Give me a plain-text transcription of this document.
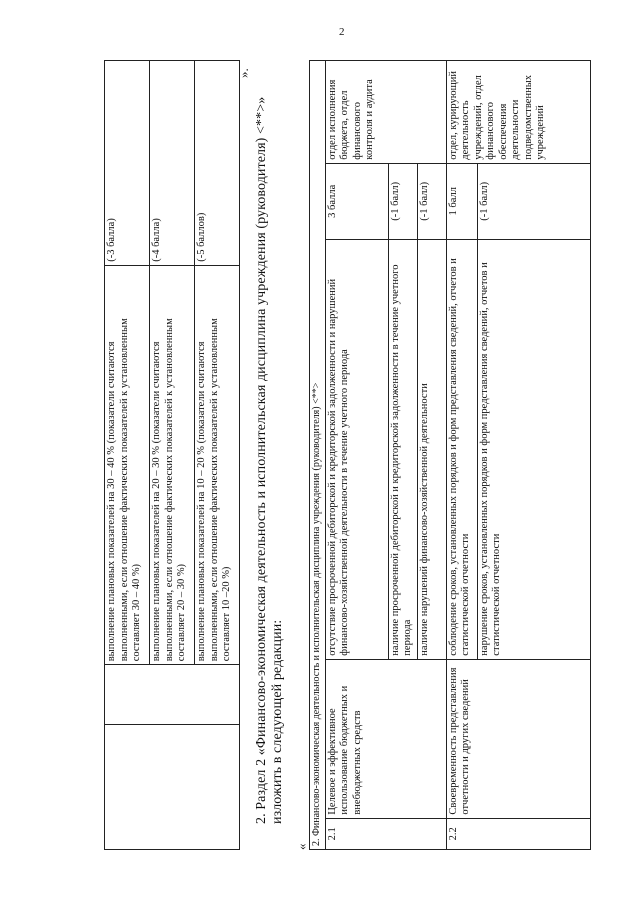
2
		выполнение плановых показателей на 30 – 40 % (показатели считаются выполненными, если отношение фактических показателей к установленным составляет 30 – 40 %)	(-3 балла)
		выполнение плановых показателей на 20 – 30 % (показатели считаются выполненными, если отношение фактических показателей к установленным составляет 20 – 30 %)	(-4 балла)
		выполнение плановых показателей на 10 – 20 % (показатели считаются выполненными, если отношение фактических показателей к установленным составляет 10 –20 %)	(-5 баллов)
».
2. Раздел 2 «Финансово-экономическая деятельность и исполнительская дисциплина учреждения (руководителя) <**>» изложить в следующей редакции:
«
2. Финансово-экономическая деятельность и исполнительская дисциплина учреждения (руководителя) <**>				
2.1	Целевое и эффективное использование бюджетных и внебюджетных средств	отсутствие просроченной дебиторской и кредиторской задолженности и нарушений финансово-хозяйственной деятельности в течение учетного периода	3 балла	отдел исполнения бюджета, отдел финансового контроля и аудита
		наличие просроченной дебиторской и кредиторской задолженности в течение учетного периода	(-1 балл)	
		наличие нарушений финансово-хозяйственной деятельности	(-1 балл)	
2.2	Своевременность представления отчетности и других сведений	соблюдение сроков, установленных порядков и форм представления сведений, отчетов и статистической отчетности	1 балл	отдел, курирующий деятельность учреждений, отдел финансового обеспечения деятельности подведомственных учреждений
		нарушение сроков, установленных порядков и форм представления сведений, отчетов и статистической отчетности	(-1 балл)	
